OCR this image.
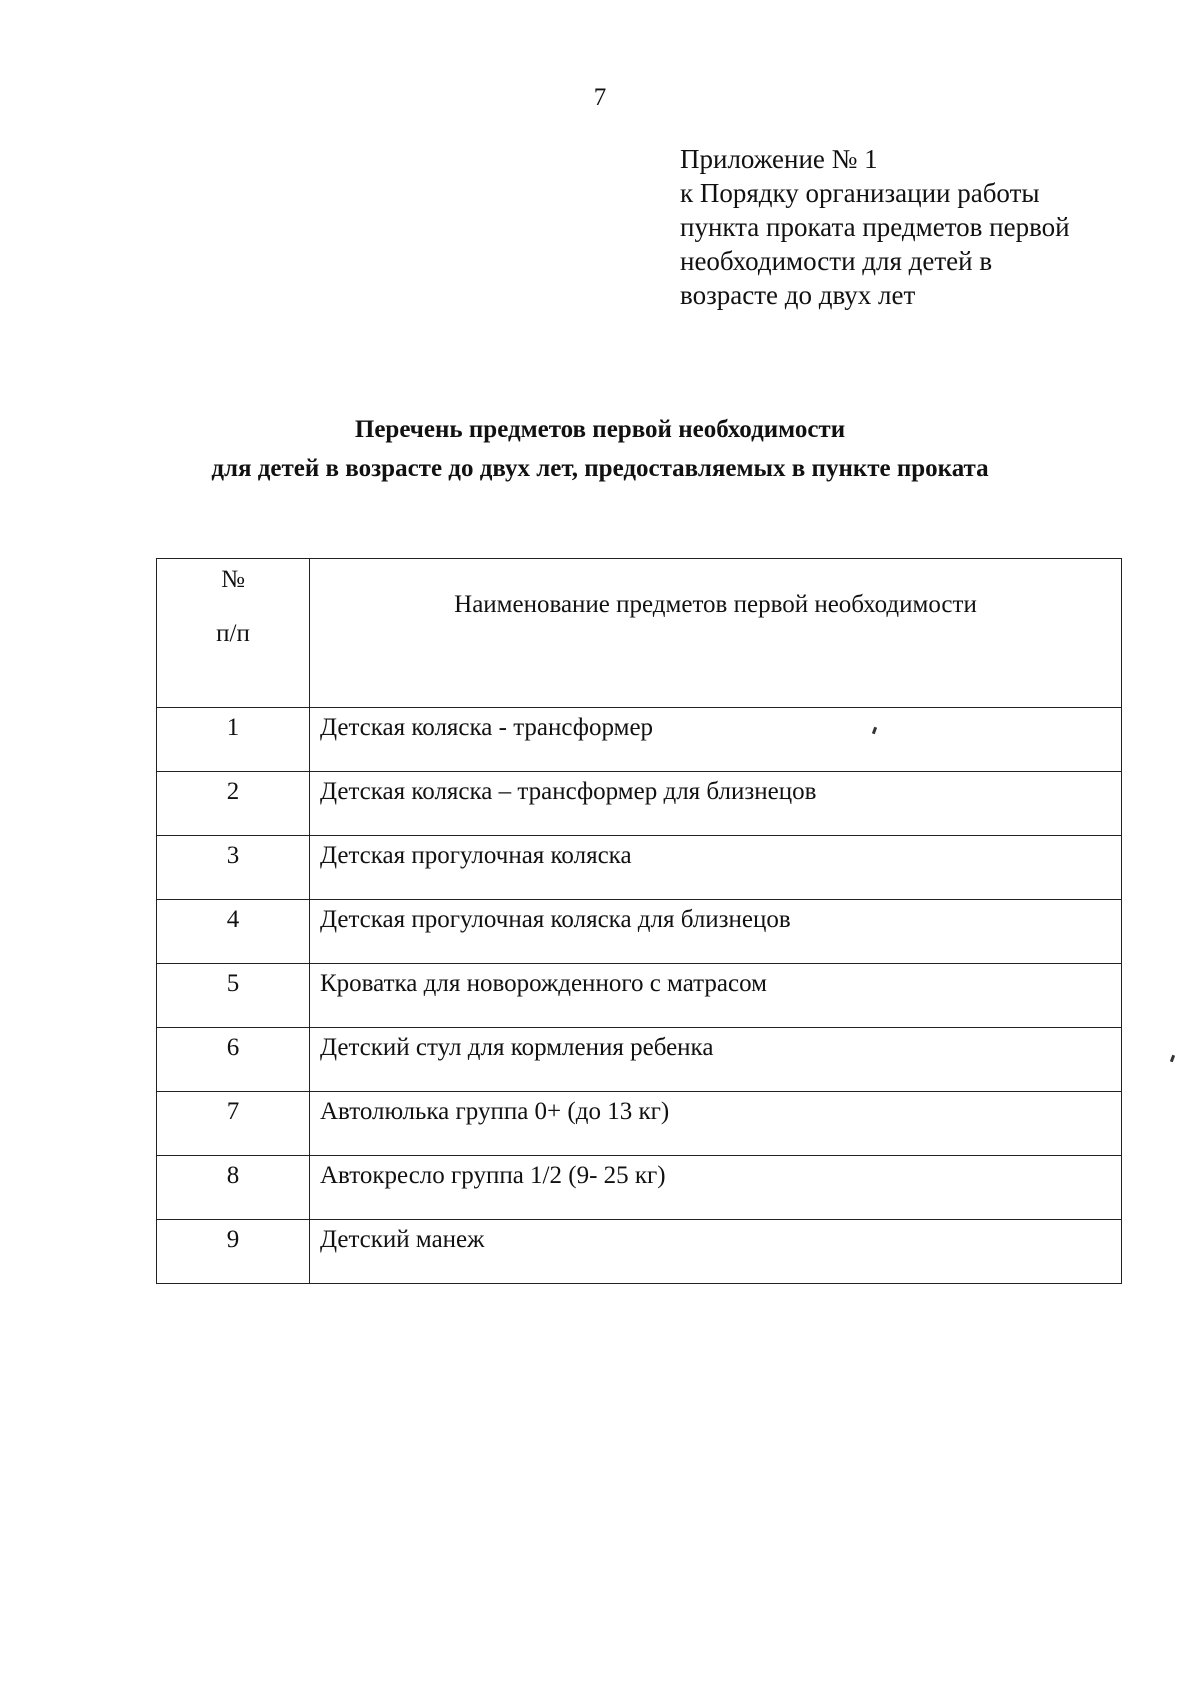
7
Приложение № 1
к Порядку организации работы
пункта проката предметов первой
необходимости для детей в
возрасте до двух лет
Перечень предметов первой необходимости
для детей в возрасте до двух лет, предоставляемых в пункте проката
№
п/п	Наименование предметов первой необходимости
1	Детская коляска - трансформер
2	Детская коляска – трансформер для близнецов
3	Детская прогулочная коляска
4	Детская прогулочная коляска для близнецов
5	Кроватка для новорожденного с матрасом
6	Детский стул для кормления ребенка
7	Автолюлька группа 0+ (до 13 кг)
8	Автокресло группа 1/2 (9- 25 кг)
9	Детский манеж
